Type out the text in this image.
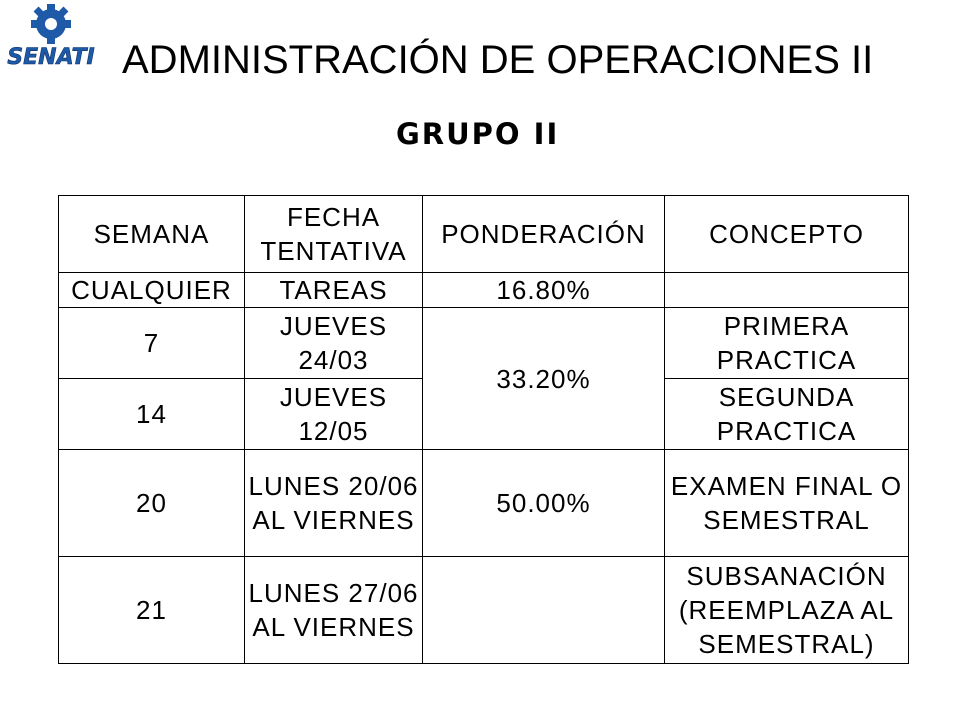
SENATI ADMINISTRACIÓN DE OPERACIONES II
GRUPO II
SEMANA	FECHA TENTATIVA	PONDERACIÓN	CONCEPTO
CUALQUIER	TAREAS	16.80%	
7	JUEVES 24/03	33.20%	PRIMERA PRACTICA
14	JUEVES 12/05		SEGUNDA PRACTICA
20	LUNES 20/06 AL VIERNES	50.00%	EXAMEN FINAL O SEMESTRAL
21	LUNES 27/06 AL VIERNES		SUBSANACIÓN (REEMPLAZA AL SEMESTRAL)
